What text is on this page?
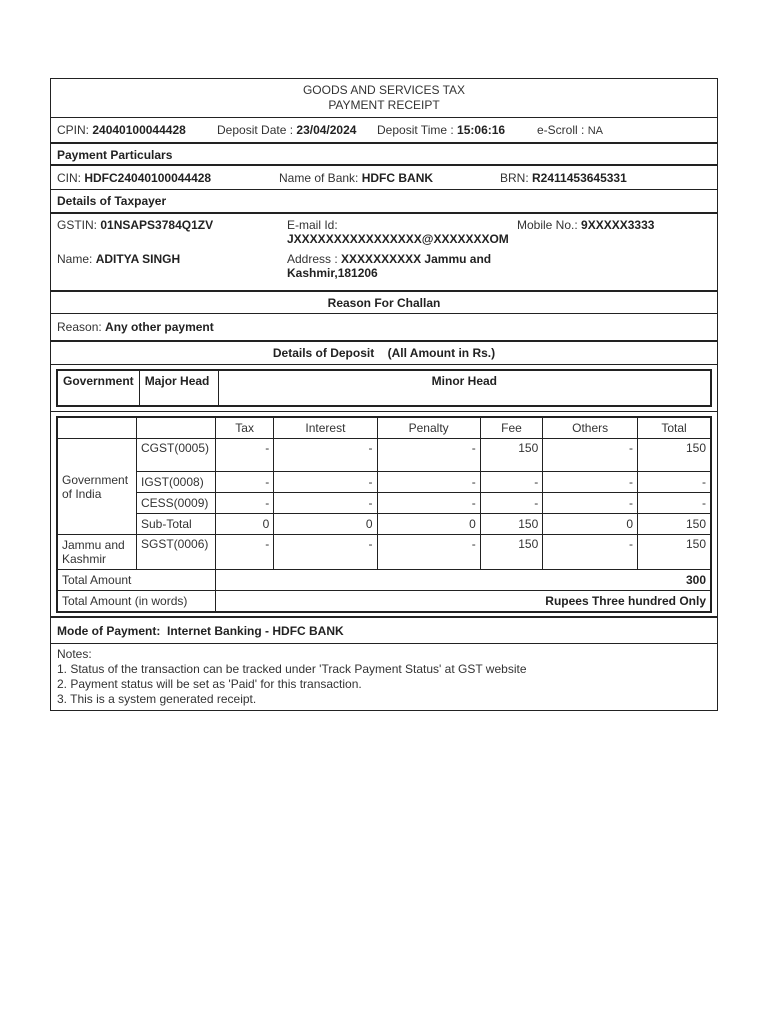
GOODS AND SERVICES TAX
PAYMENT RECEIPT
CPIN: 24040100044428	Deposit Date : 23/04/2024	Deposit Time : 15:06:16	e-Scroll : NA
Payment Particulars
CIN: HDFC24040100044428	Name of Bank: HDFC BANK	BRN: R2411453645331
Details of Taxpayer
GSTIN: 01NSAPS3784Q1ZV	E-mail Id:
JXXXXXXXXXXXXXXXX@XXXXXXXOM
Mobile No.: 9XXXXX3333
Name: ADITYA SINGH	Address : XXXXXXXXXX Jammu and Kashmir,181206
Reason For Challan
Reason: Any other payment
Details of Deposit (All Amount in Rs.)
Government	Major Head	Minor Head
		Tax	Interest	Penalty	Fee	Others	Total
Government of India	CGST(0005)	-	-	-	150	-	150
	IGST(0008)	-	-	-	-	-	-
	CESS(0009)	-	-	-	-	-	-
	Sub-Total	0	0	0	150	0	150
Jammu and Kashmir	SGST(0006)	-	-	-	150	-	150
Total Amount		300					
Total Amount (in words)		Rupees Three hundred Only					
Mode of Payment: Internet Banking - HDFC BANK
Notes:
1. Status of the transaction can be tracked under 'Track Payment Status' at GST website
2. Payment status will be set as 'Paid' for this transaction.
3. This is a system generated receipt.
